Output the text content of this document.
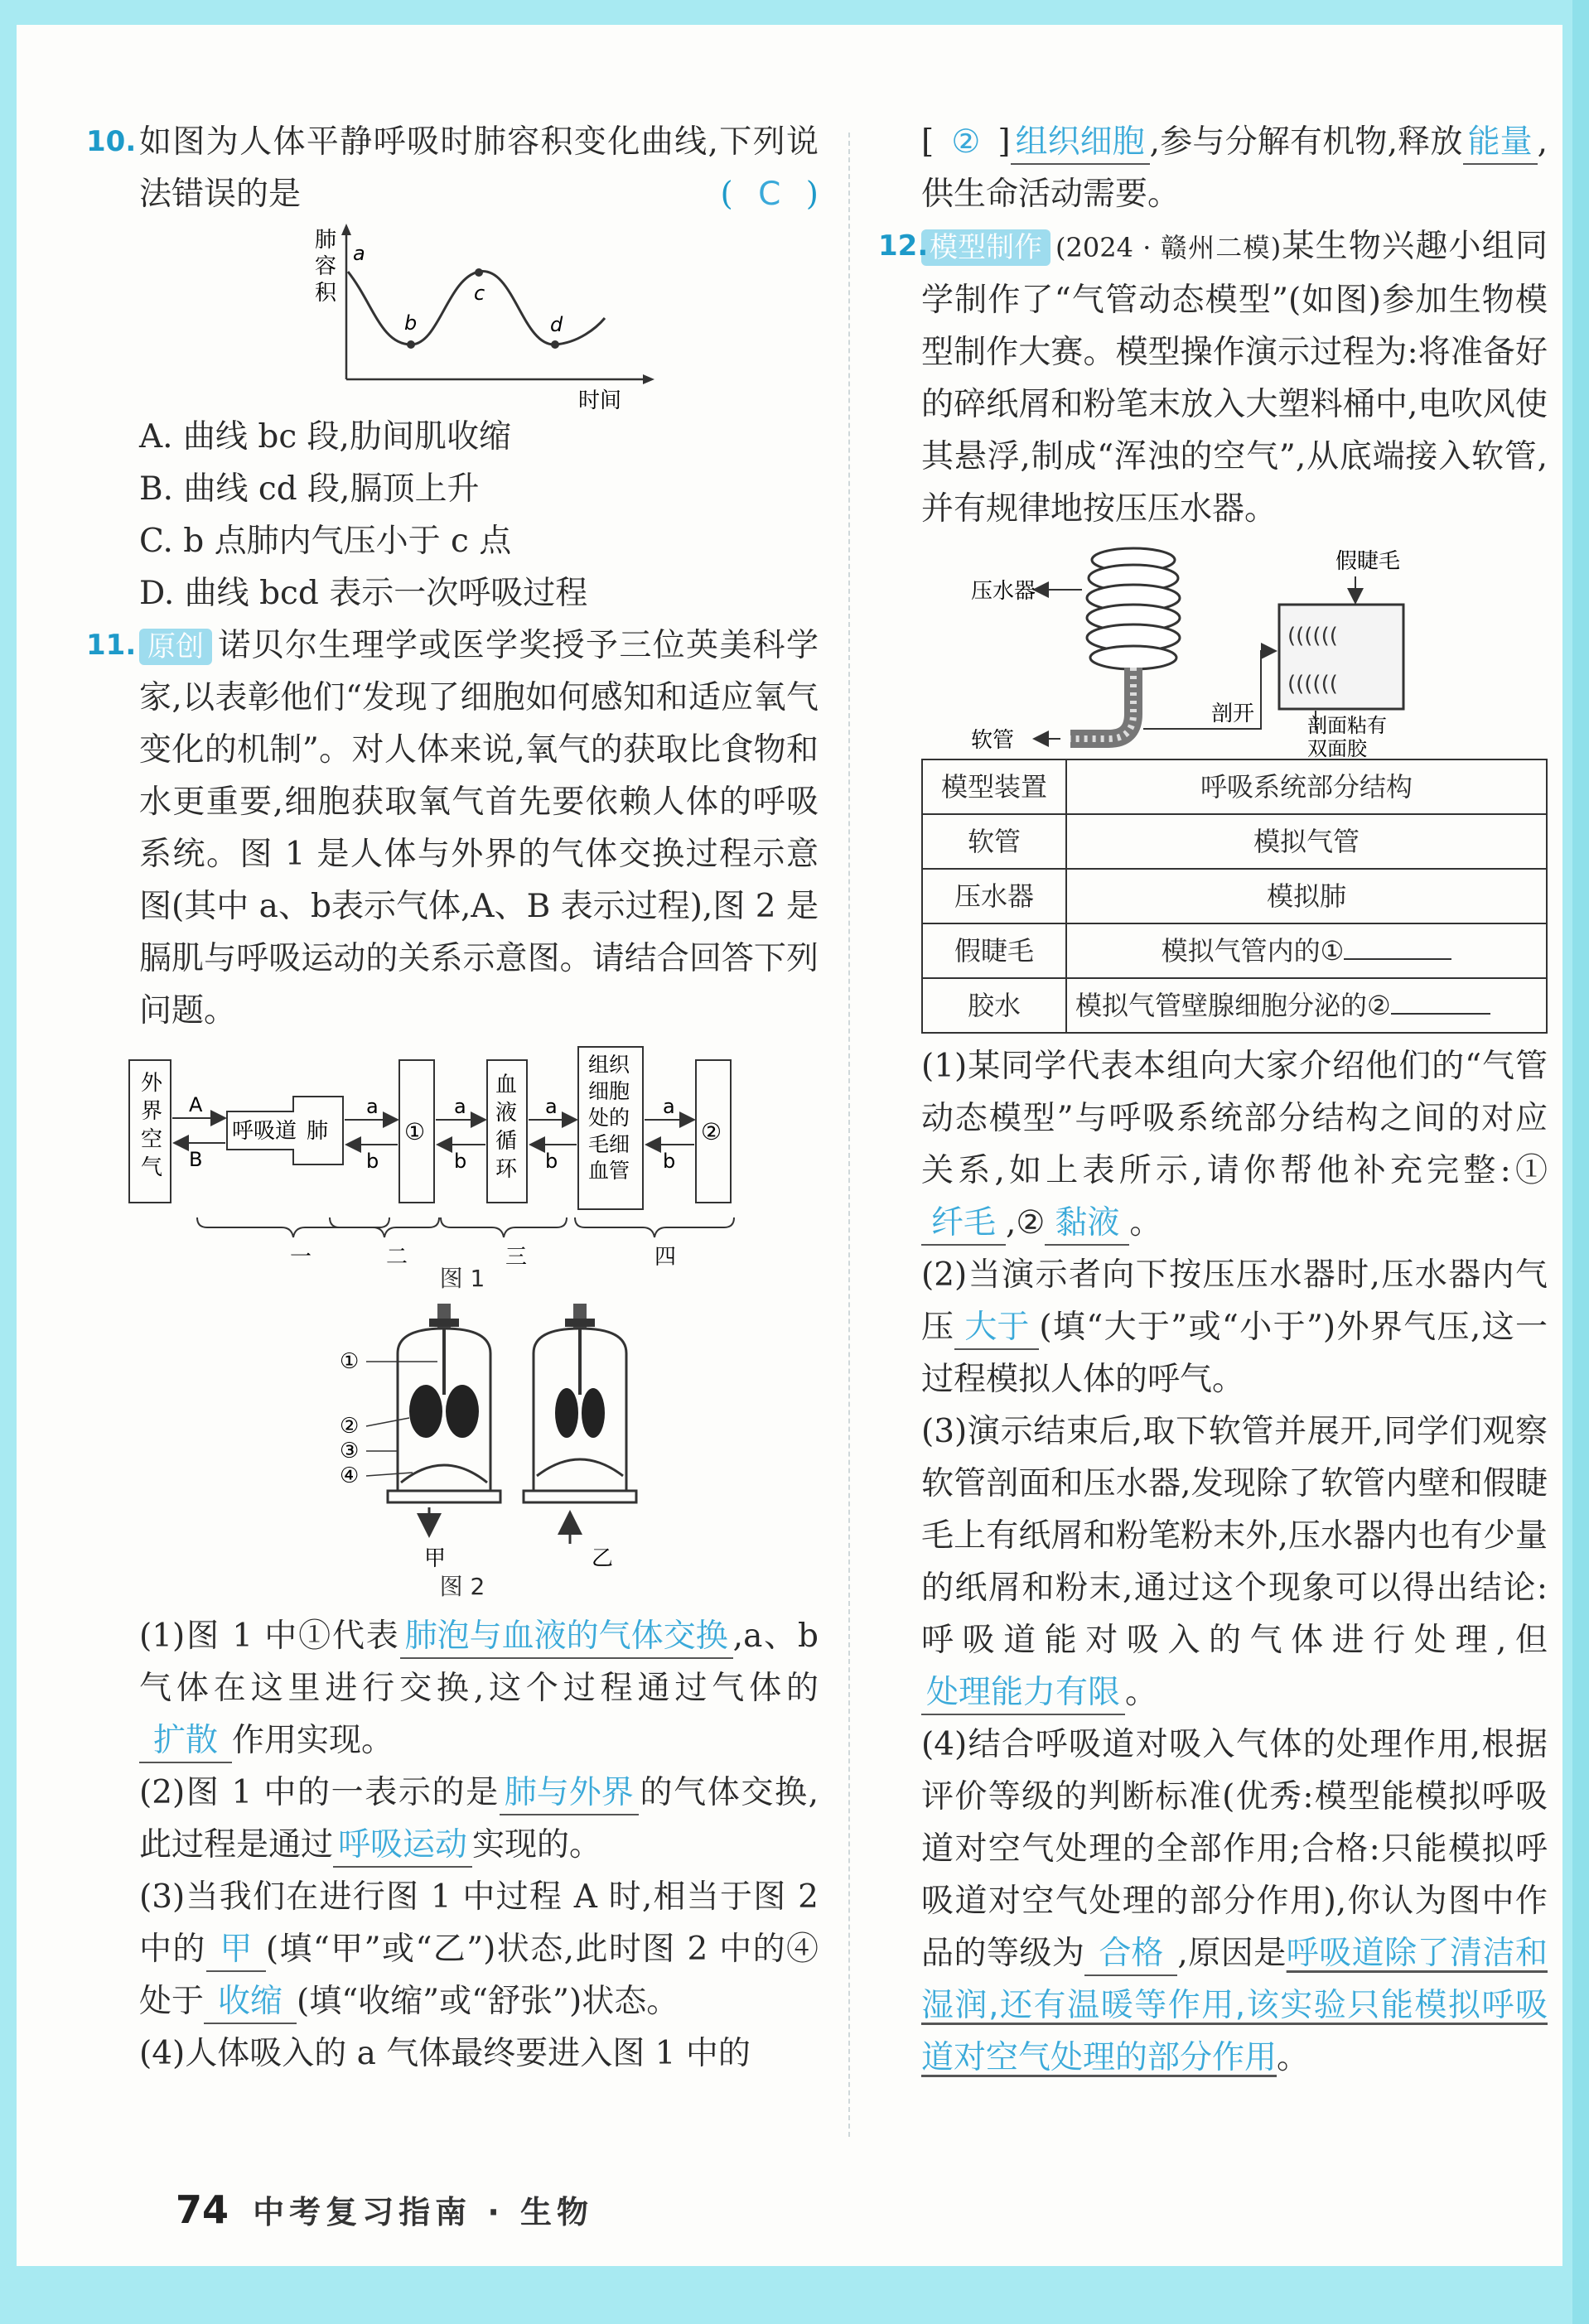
10. 如图为人体平静呼吸时肺容积变化曲线,下列说法错误的是	( C )

肺
容
积
a
b
c
d
时间

A. 曲线 bc 段,肋间肌收缩

B. 曲线 cd 段,膈顶上升

C. b 点肺内气压小于 c 点

D. 曲线 bcd 表示一次呼吸过程

11. 原创 诺贝尔生理学或医学奖授予三位英美科学家,以表彰他们“发现了细胞如何感知和适应氧气变化的机制”。对人体来说,氧气的获取比食物和水更重要,细胞获取氧气首先要依赖人体的呼吸系统。图 1 是人体与外界的气体交换过程示意图(其中 a、b表示气体,A、B 表示过程),图 2 是膈肌与呼吸运动的关系示意图。请结合回答下列问题。

外
界
空
气
A
B
呼吸道 肺
a
b
①
a
b
血
液
循
环
a
b
组织
细胞
处的
毛细
血管
a
b
②
一	二	三	四
图 1
①
②
③
④
甲	乙
图 2

(1)图 1 中①代表 肺泡与血液的气体交换 ,a、b 气体在这里进行交换,这个过程通过气体的扩散 作用实现。

(2)图 1 中的一表示的是 肺与外界 的气体交换,此过程是通过 呼吸运动 实现的。

(3)当我们在进行图 1 中过程 A 时,相当于图 2 中的 甲 (填“甲”或“乙”)状态,此时图 2 中的④处于 收缩 (填“收缩”或“舒张”)状态。

(4)人体吸入的 a 气体最终要进入图 1 中的

[ ② ] 组织细胞 ,参与分解有机物,释放 能量 ,供生命活动需要。

12. 模型制作 (2024 · 赣州二模)某生物兴趣小组同学制作了“气管动态模型”(如图)参加生物模型制作大赛。模型操作演示过程为:将准备好的碎纸屑和粉笔末放入大塑料桶中,电吹风使其悬浮,制成“浑浊的空气”,从底端接入软管,并有规律地按压压水器。

压水器
软管
剖开
((((((
((((((
假睫毛
剖面粘有
双面胶
模型装置	呼吸系统部分结构
软管	模拟气管
压水器	模拟肺
假睫毛	模拟气管内的①
胶水	模拟气管壁腺细胞分泌的②

(1)某同学代表本组向大家介绍他们的“气管动态模型”与呼吸系统部分结构之间的对应关系,如上表所示,请你帮他补充完整:①纤毛 ,② 黏液 。

(2)当演示者向下按压压水器时,压水器内气压 大于 (填“大于”或“小于”)外界气压,这一过程模拟人体的呼气。

(3)演示结束后,取下软管并展开,同学们观察软管剖面和压水器,发现除了软管内壁和假睫毛上有纸屑和粉笔粉末外,压水器内也有少量的纸屑和粉末,通过这个现象可以得出结论:呼吸道能对吸入的气体进行处理,但处理能力有限 。

(4)结合呼吸道对吸入气体的处理作用,根据评价等级的判断标准(优秀:模型能模拟呼吸道对空气处理的全部作用;合格:只能模拟呼吸道对空气处理的部分作用),你认为图中作品的等级为 合格 ,原因是呼吸道除了清洁和湿润,还有温暖等作用,该实验只能模拟呼吸道对空气处理的部分作用。

74 中考复习指南 · 生物
